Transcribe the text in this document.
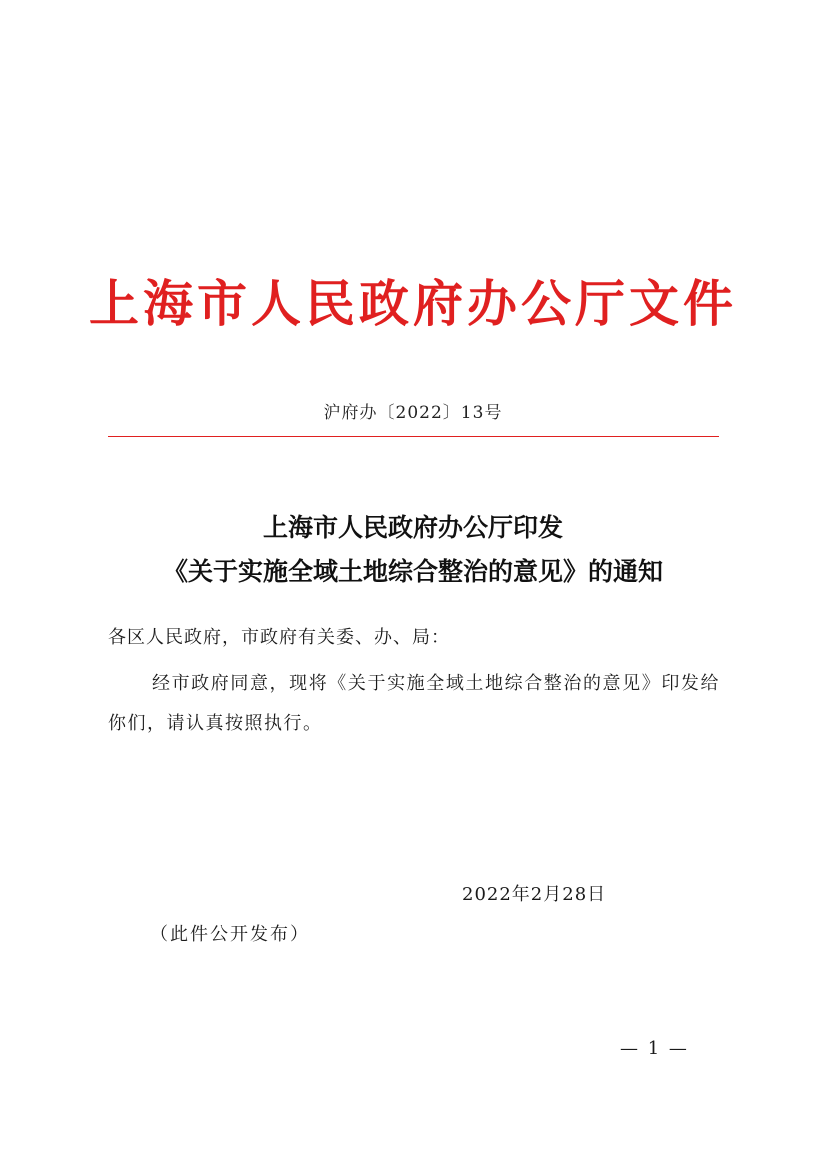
上海市人民政府办公厅文件
沪府办〔2022〕13号
上海市人民政府办公厅印发
《关于实施全域土地综合整治的意见》的通知
各区人民政府，市政府有关委、办、局：
经市政府同意，现将《关于实施全域土地综合整治的意见》印发给你们，请认真按照执行。
2022年2月28日
（此件公开发布）
— 1 —
